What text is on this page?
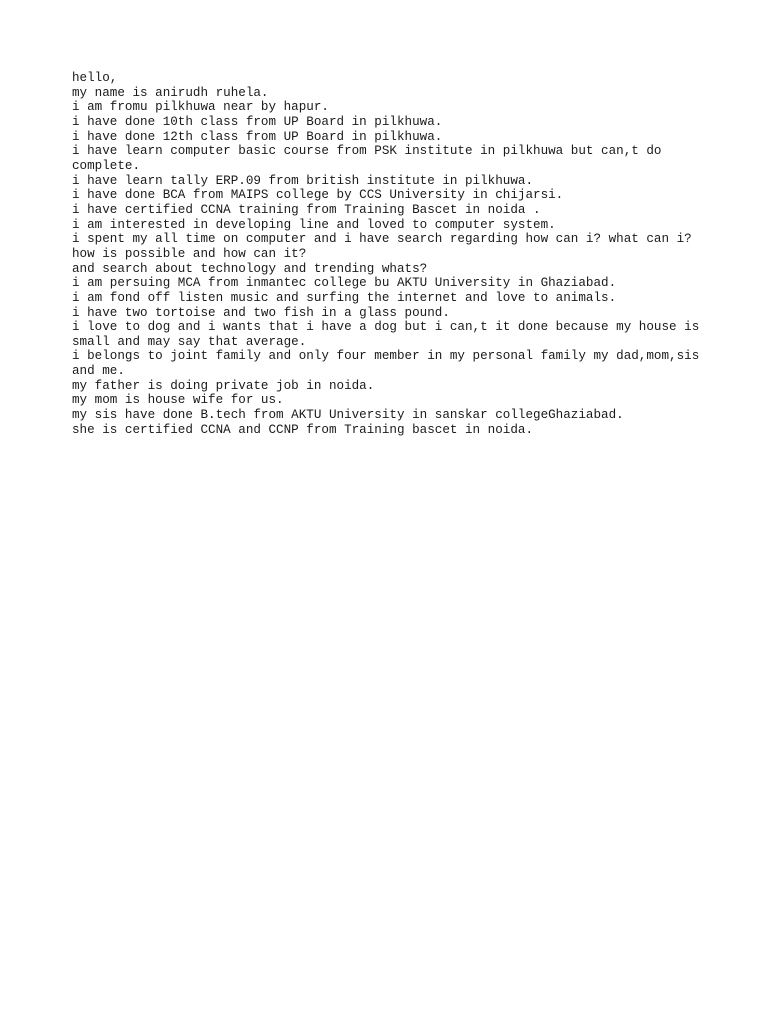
hello,
my name is anirudh ruhela.
i am fromu pilkhuwa near by hapur.
i have done 10th class from UP Board in pilkhuwa.
i have done 12th class from UP Board in pilkhuwa.
i have learn computer basic course from PSK institute in pilkhuwa but can,t do
complete.
i have learn tally ERP.09 from british institute in pilkhuwa.
i have done BCA from MAIPS college by CCS University in chijarsi.
i have certified CCNA training from Training Bascet in noida .
i am interested in developing line and loved to computer system.
i spent my all time on computer and i have search regarding how can i? what can i?
how is possible and how can it?
and search about technology and trending whats?
i am persuing MCA from inmantec college bu AKTU University in Ghaziabad.
i am fond off listen music and surfing the internet and love to animals.
i have two tortoise and two fish in a glass pound.
i love to dog and i wants that i have a dog but i can,t it done because my house is
small and may say that average.
i belongs to joint family and only four member in my personal family my dad,mom,sis
and me.
my father is doing private job in noida.
my mom is house wife for us.
my sis have done B.tech from AKTU University in sanskar collegeGhaziabad.
she is certified CCNA and CCNP from Training bascet in noida.
